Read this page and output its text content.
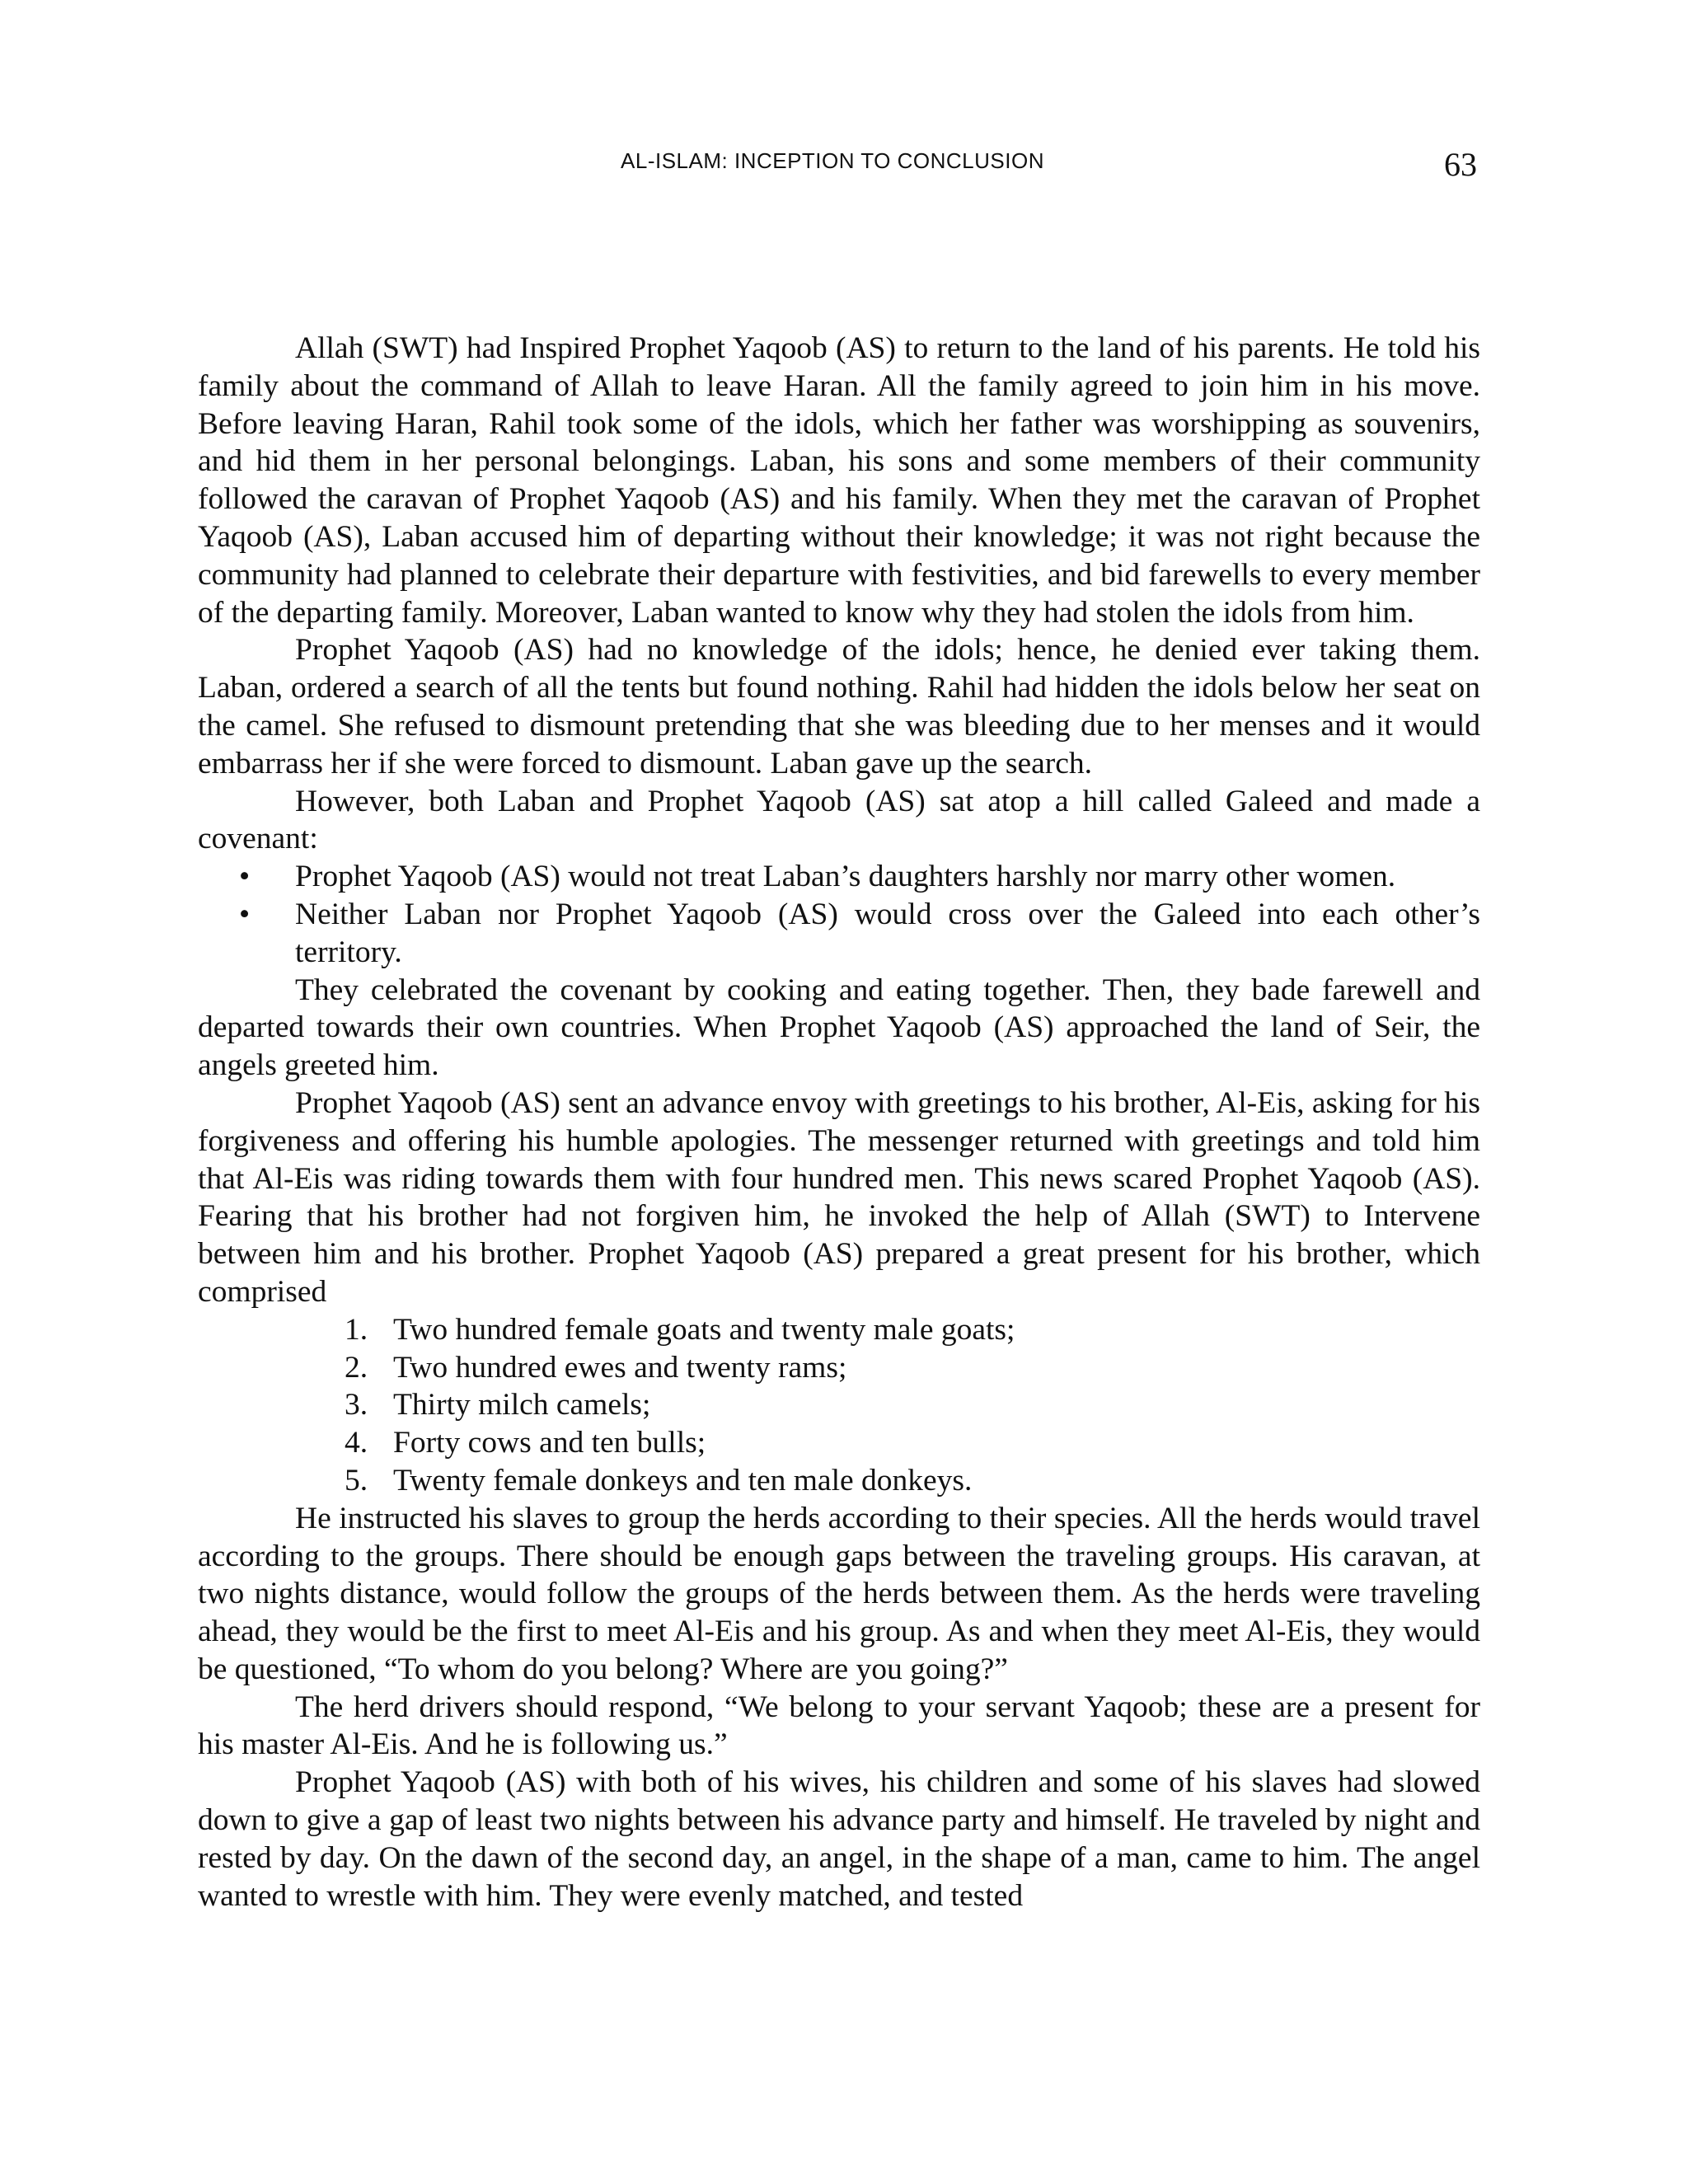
AL-ISLAM: INCEPTION TO CONCLUSION	63

Allah (SWT) had Inspired Prophet Yaqoob (AS) to return to the land of his parents. He told his family about the command of Allah to leave Haran. All the family agreed to join him in his move. Before leaving Haran, Rahil took some of the idols, which her father was worshipping as souvenirs, and hid them in her personal belongings. Laban, his sons and some members of their community followed the caravan of Prophet Yaqoob (AS) and his family. When they met the caravan of Prophet Yaqoob (AS), Laban accused him of departing without their knowledge; it was not right because the community had planned to celebrate their departure with festivities, and bid farewells to every member of the departing family. Moreover, Laban wanted to know why they had stolen the idols from him.

Prophet Yaqoob (AS) had no knowledge of the idols; hence, he denied ever taking them. Laban, ordered a search of all the tents but found nothing. Rahil had hidden the idols below her seat on the camel. She refused to dismount pretending that she was bleeding due to her menses and it would embarrass her if she were forced to dismount. Laban gave up the search.

However, both Laban and Prophet Yaqoob (AS) sat atop a hill called Galeed and made a covenant:

• Prophet Yaqoob (AS) would not treat Laban’s daughters harshly nor marry other women.
• Neither Laban nor Prophet Yaqoob (AS) would cross over the Galeed into each other’s territory.

They celebrated the covenant by cooking and eating together. Then, they bade farewell and departed towards their own countries. When Prophet Yaqoob (AS) approached the land of Seir, the angels greeted him.

Prophet Yaqoob (AS) sent an advance envoy with greetings to his brother, Al-Eis, asking for his forgiveness and offering his humble apologies. The messenger returned with greetings and told him that Al-Eis was riding towards them with four hundred men. This news scared Prophet Yaqoob (AS). Fearing that his brother had not forgiven him, he invoked the help of Allah (SWT) to Intervene between him and his brother. Prophet Yaqoob (AS) prepared a great present for his brother, which comprised

1. Two hundred female goats and twenty male goats;
2. Two hundred ewes and twenty rams;
3. Thirty milch camels;
4. Forty cows and ten bulls;
5. Twenty female donkeys and ten male donkeys.

He instructed his slaves to group the herds according to their species. All the herds would travel according to the groups. There should be enough gaps between the traveling groups. His caravan, at two nights distance, would follow the groups of the herds between them. As the herds were traveling ahead, they would be the first to meet Al-Eis and his group. As and when they meet Al-Eis, they would be questioned, “To whom do you belong? Where are you going?”

The herd drivers should respond, “We belong to your servant Yaqoob; these are a present for his master Al-Eis. And he is following us.”

Prophet Yaqoob (AS) with both of his wives, his children and some of his slaves had slowed down to give a gap of least two nights between his advance party and himself. He traveled by night and rested by day. On the dawn of the second day, an angel, in the shape of a man, came to him. The angel wanted to wrestle with him. They were evenly matched, and tested
